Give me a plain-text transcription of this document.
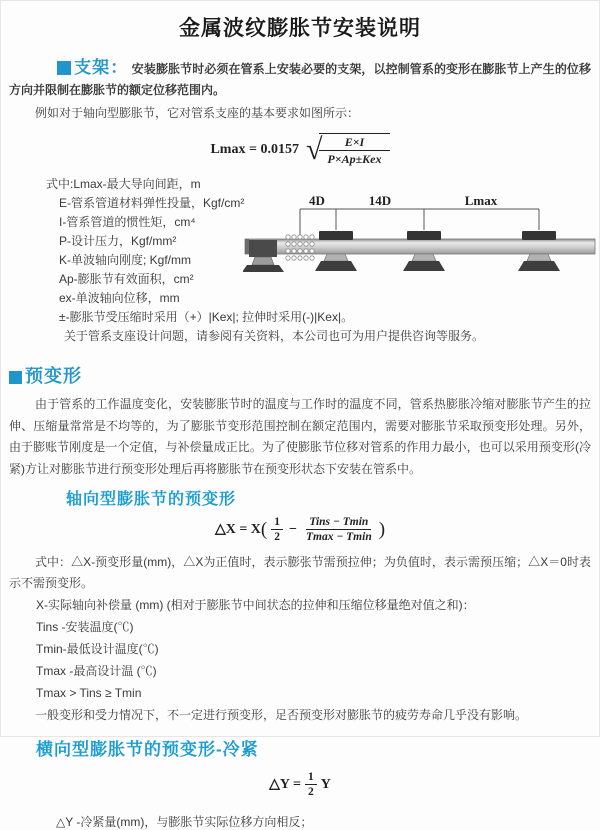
金属波纹膨胀节安装说明

支架： 安装膨胀节时必须在管系上安装必要的支架，以控制管系的变形在膨胀节上产生的位移方向并限制在膨胀节的额定位移范围内。

例如对于轴向型膨胀节，它对管系支座的基本要求如图所示：

Lmax = 0.0157 √	E×I
P×Ap±Kex
式中:Lmax-最大导向间距，m
E-管系管道材料弹性投量，Kgf/cm²
I-管系管道的惯性矩，cm⁴
P-设计压力，Kgf/mm²
K-单波轴向刚度; Kgf/mm
Ap-膨胀节有效面积，cm²
ex-单波轴向位移，mm
±-膨胀节受压缩时采用（+）|Kex|; 拉伸时采用(-)|Kex|。
关于管系支座设计问题，请参阅有关资料，本公司也可为用户提供咨询等服务。
预变形

由于管系的工作温度变化，安装膨胀节时的温度与工作时的温度不同，管系热膨胀冷缩对膨胀节产生的拉伸、压缩量常常是不均等的，为了膨胀节变形范围控制在额定范围内，需要对膨胀节采取预变形处理。另外，由于膨账节刚度是一个定值，与补偿量成正比。为了使膨胀节位移对管系的作用力最小，也可以采用预变形(冷紧)方让对膨胀节进行预变形处理后再将膨胀节在预变形状态下安装在管系中。

轴向型膨胀节的预变形
△X = X ( $\frac{1}{2}$ − Tins − Tmin
Tmax − Tmin )

式中：△X-预变形量(mm)，△X为正值时，表示膨张节需预拉伸；为负值时，表示需预压缩；△X＝0时表示不需预变形。

X-实际轴向补偿量 (mm) (相对于膨胀节中间状态的拉伸和压缩位移量绝对值之和)：

Tins -安装温度(℃)
Tmin-最低设计温度(℃)
Tmax -最高设计温 (℃)
Tmax > Tins ≥ Tmin

一般变形和受力情况下，不一定进行预变形，足否预变形对膨胀节的疲劳寿命几乎没有影响。

横向型膨胀节的预变形-冷紧
△Y = $\frac{1}{2}$ Y

△Y -冷紧量(mm)，与膨胀节实际位移方向相反；

4D	14D	Lmax
